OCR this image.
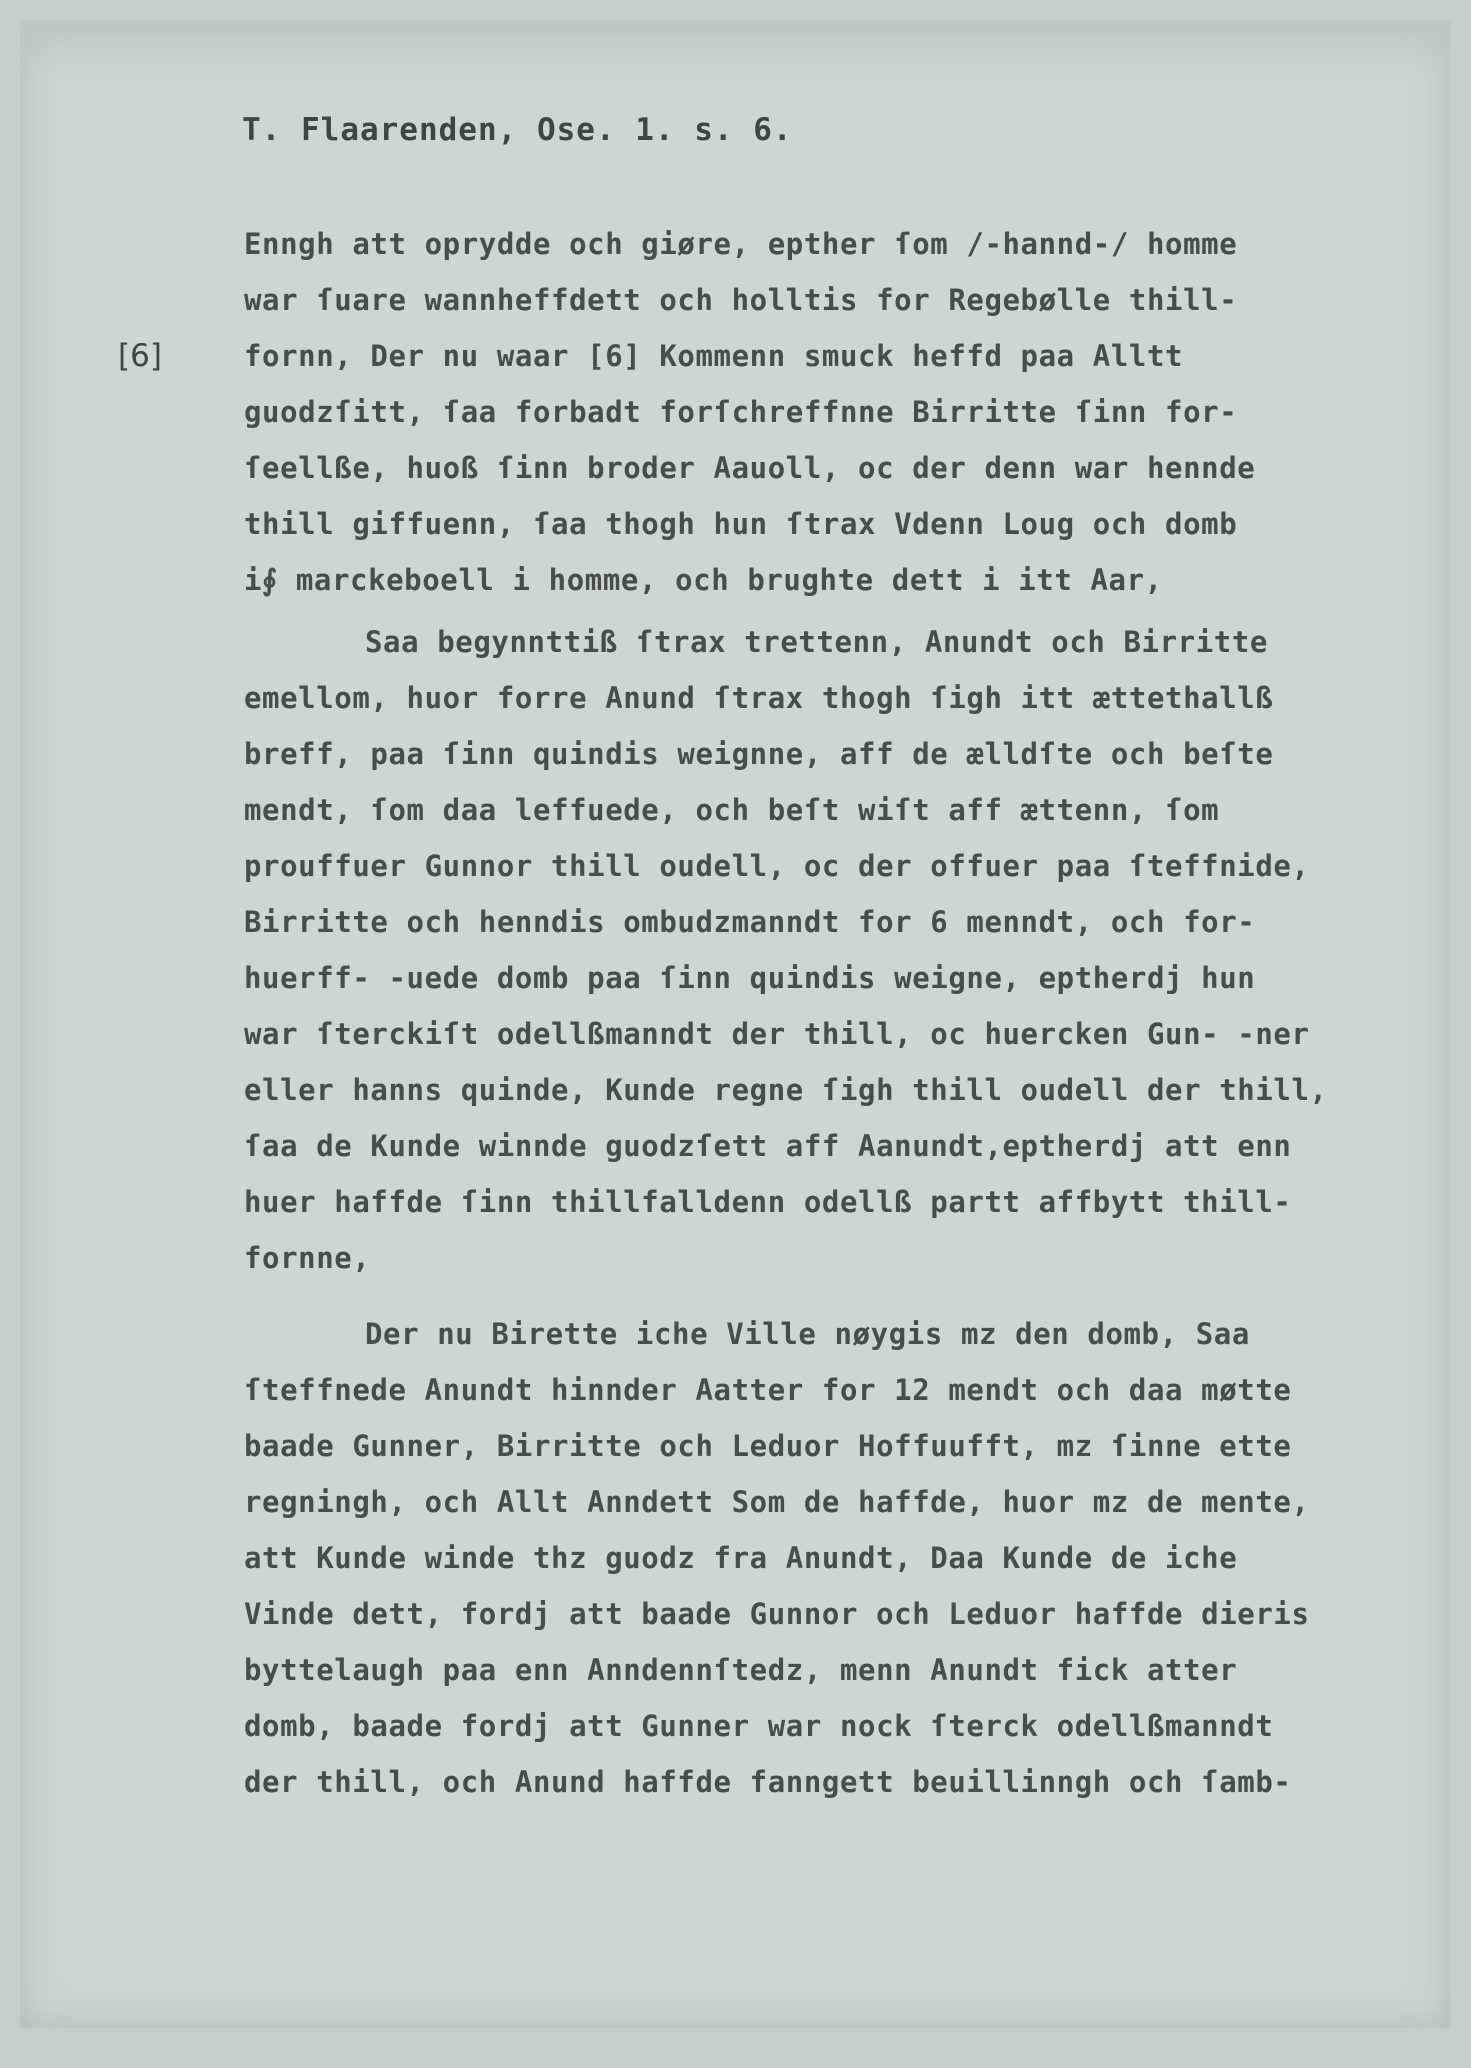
T. Flaarenden, Ose. 1. s. 6.
[6]
Enngh att oprydde och giøre, epther ſom /-hannd-/ homme
war ſuare wannheffdett och holltis for Regebølle thill-
fornn, Der nu waar [6] Kommenn smuck heffd paa Alltt
guodzſitt, ſaa forbadt forſchreffnne Birritte ſinn for-
ſeellße, huoß ſinn broder Aauoll, oc der denn war hennde
thill giffuenn, ſaa thogh hun ſtrax Vdenn Loug och domb
i∮ marckeboell i homme, och brughte dett i itt Aar,
Saa begynnttiß ſtrax trettenn, Anundt och Birritte
emellom, huor forre Anund ſtrax thogh ſigh itt ættethallß
breff, paa ſinn quindis weignne, aff de ælldſte och beſte
mendt, ſom daa leffuede, och beſt wiſt aff ættenn, ſom
prouffuer Gunnor thill oudell, oc der offuer paa ſteffnide,
Birritte och henndis ombudzmanndt for 6 menndt, och for-
huerff- -uede domb paa ſinn quindis weigne, eptherdj hun
war ſterckiſt odellßmanndt der thill, oc huercken Gun- -ner
eller hanns quinde, Kunde regne ſigh thill oudell der thill,
ſaa de Kunde winnde guodzſett aff Aanundt,eptherdj att enn
huer haffde ſinn thillfalldenn odellß partt affbytt thill-
fornne,
Der nu Birette iche Ville nøygis mz den domb, Saa
ſteffnede Anundt hinnder Aatter for 12 mendt och daa møtte
baade Gunner, Birritte och Leduor Hoffuufft, mz ſinne ette
regningh, och Allt Anndett Som de haffde, huor mz de mente,
att Kunde winde thz guodz fra Anundt, Daa Kunde de iche
Vinde dett, fordj att baade Gunnor och Leduor haffde dieris
byttelaugh paa enn Anndennſtedz, menn Anundt fick atter
domb, baade fordj att Gunner war nock ſterck odellßmanndt
der thill, och Anund haffde fanngett beuillinngh och ſamb-
